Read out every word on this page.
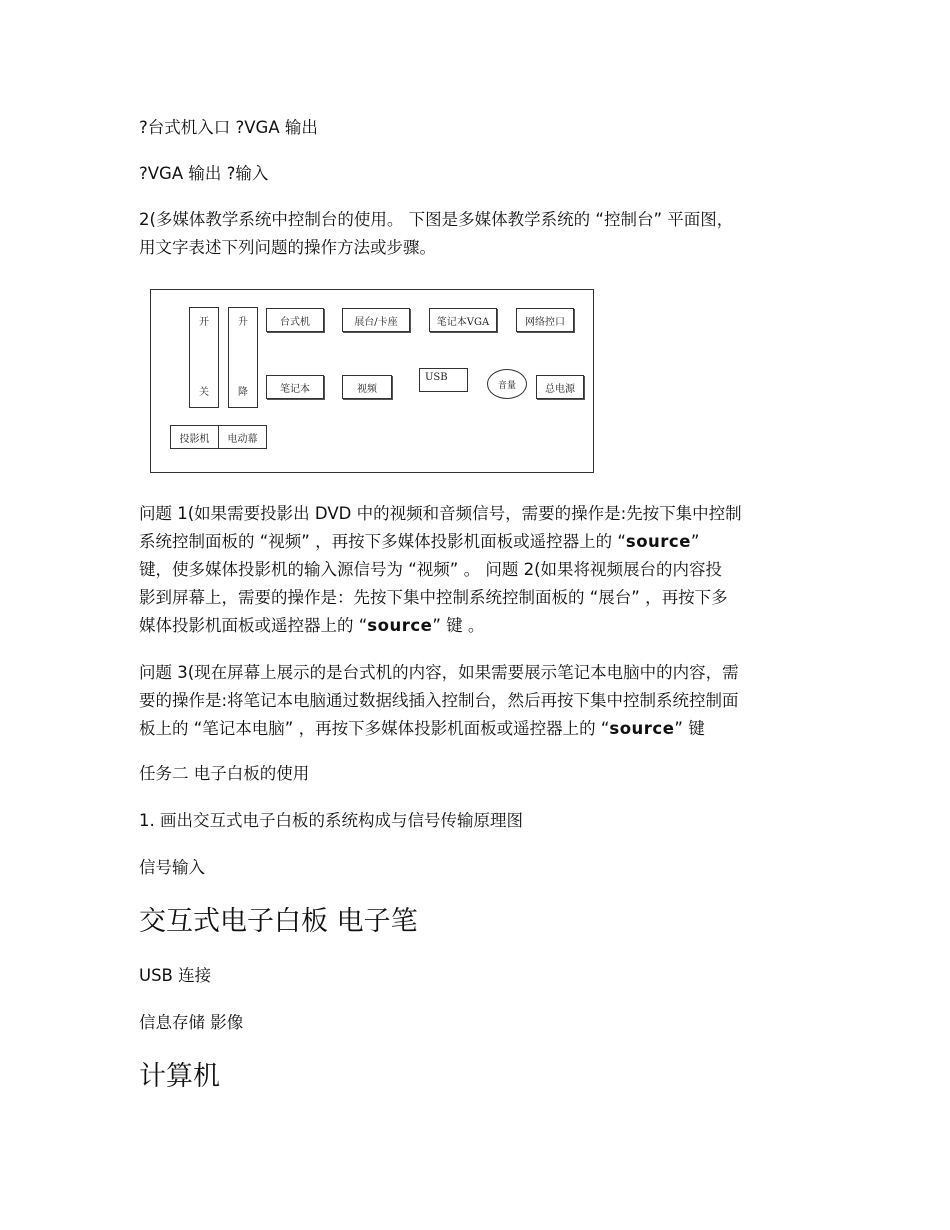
?台式机入口 ?VGA 输出
?VGA 输出 ?输入

2(多媒体教学系统中控制台的使用。 下图是多媒体教学系统的 “控制台” 平面图，

用文字表述下列问题的操作方法或步骤。

开
关
升
降
台式机	展台/卡座	笔记本VGA	网络控口
笔记本	视频
USB
音量	总电源
投影机	电动幕

问题 1(如果需要投影出 DVD 中的视频和音频信号，需要的操作是:先按下集中控制

系统控制面板的 “视频” ，再按下多媒体投影机面板或遥控器上的 “source”

键，使多媒体投影机的输入源信号为 “视频” 。 问题 2(如果将视频展台的内容投

影到屏幕上，需要的操作是：先按下集中控制系统控制面板的 “展台” ，再按下多

媒体投影机面板或遥控器上的 “source” 键 。

问题 3(现在屏幕上展示的是台式机的内容，如果需要展示笔记本电脑中的内容，需

要的操作是:将笔记本电脑通过数据线插入控制台，然后再按下集中控制系统控制面

板上的 “笔记本电脑” ，再按下多媒体投影机面板或遥控器上的 “source” 键

任务二 电子白板的使用
1. 画出交互式电子白板的系统构成与信号传输原理图
信号输入
交互式电子白板 电子笔
USB 连接
信息存储 影像
计算机
